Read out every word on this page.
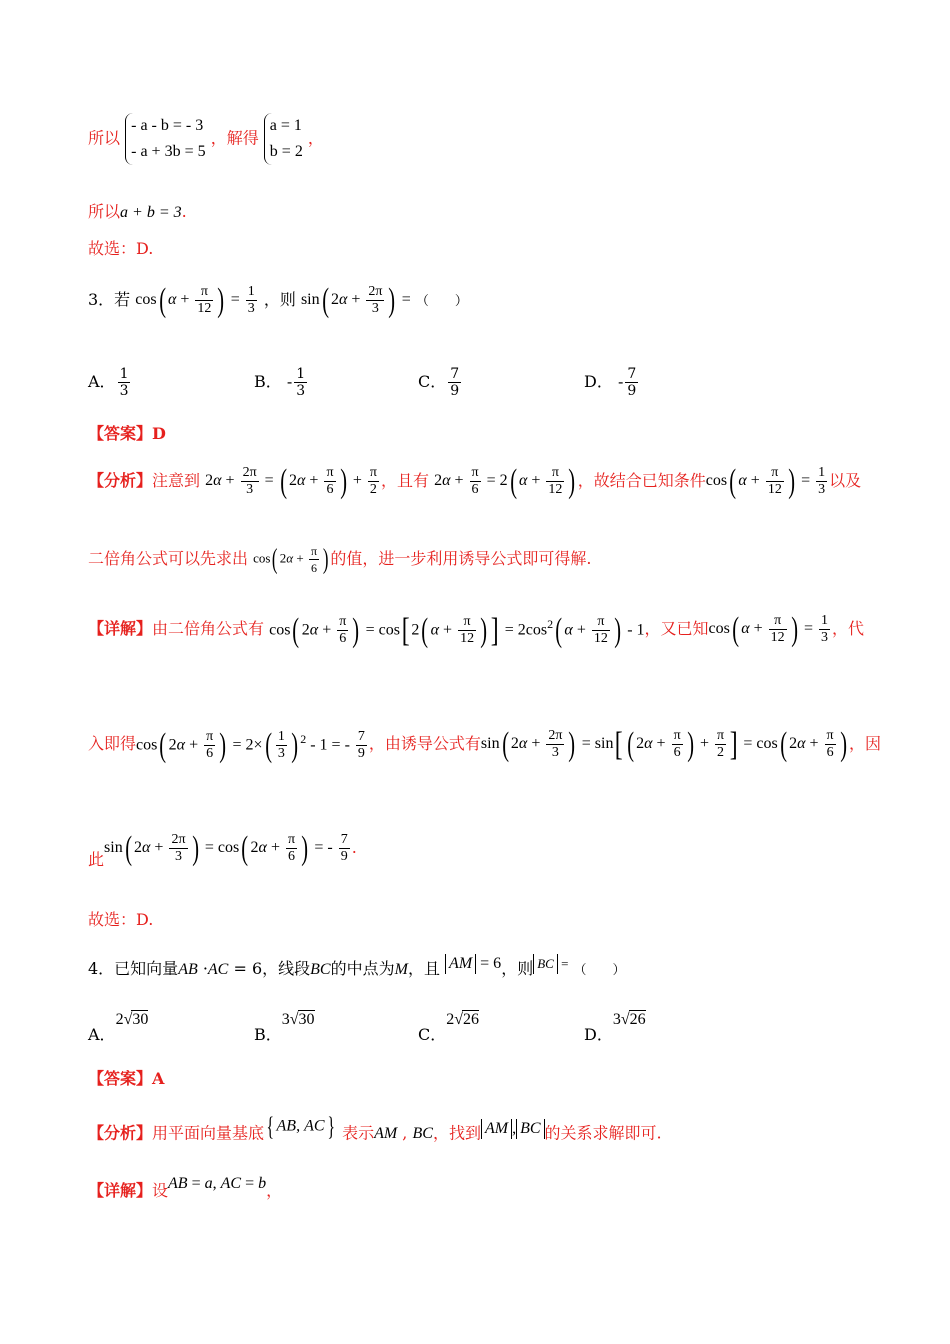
所以 - a - b = - 3
- a + 3b = 5 ，解得 a = 1
b = 2 ，
所以a + b = 3.
故选：D.
3．若 cos( $\alpha + \frac{\pi}{12}$ ) = $\frac{1}{3}$ ，则 sin( $2\alpha + \frac{2\pi}{3}$ ) = （　　）
A． $\frac{1}{3}$	B． - $\frac{1}{3}$	C． $\frac{7}{9}$	D． - $\frac{7}{9}$
【答案】D
【分析】注意到 $2\alpha + \frac{2\pi}{3}$ = ( $2\alpha + \frac{\pi}{6}$ ) + $\frac{\pi}{2}$ ，且有 $2\alpha + \frac{\pi}{6} = 2$( $\alpha + \frac{\pi}{12}$ ) ，故结合已知条件cos( $\alpha + \frac{\pi}{12}$ ) = $\frac{1}{3}$ 以及
二倍角公式可以先求出 cos( $2\alpha + \frac{\pi}{6}$ ) 的值，进一步利用诱导公式即可得解.
【详解】由二倍角公式有 cos( $2\alpha + \frac{\pi}{6}$ ) = cos[ 2( $\alpha + \frac{\pi}{12}$ ) ] = $2\cos^2$( $\alpha + \frac{\pi}{12}$ ) - 1，又已知cos( $\alpha + \frac{\pi}{12}$ ) = $\frac{1}{3}$ ，代
入即得cos( $2\alpha + \frac{\pi}{6}$ ) = $2\times( \frac{1}{3}$ ) $^2$ - 1 = - $\frac{7}{9}$ ，由诱导公式有sin( $2\alpha + \frac{2\pi}{3}$ ) = sin[ ( $2\alpha + \frac{\pi}{6}$ ) + $\frac{\pi}{2}$ ] = cos( $2\alpha + \frac{\pi}{6}$ ) ，因
此sin( $2\alpha + \frac{2\pi}{3}$ ) = cos( $2\alpha + \frac{\pi}{6}$ ) = - $\frac{7}{9}$ .
故选：D.
4．已知向量AB ·AC = 6，线段BC的中点为M，且 AM = 6，则 BC = （　　）
A．2√30
B．3√30
C．2√26
D．3√26
【答案】A
【分析】用平面向量基底{ AB, AC} 表示AM , BC，找到 AM , BC 的关系求解即可.
【详解】设AB = a, AC = b，
